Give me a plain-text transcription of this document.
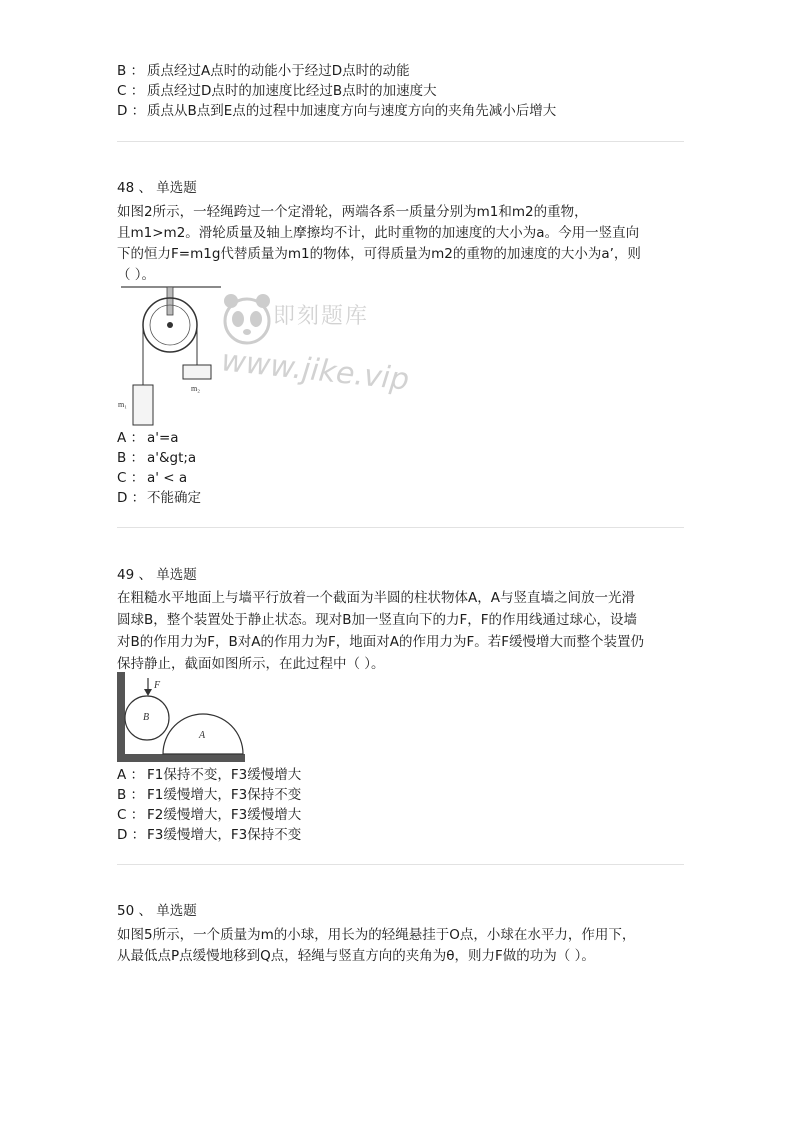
B ： 质点经过A点时的动能小于经过D点时的动能
C ： 质点经过D点时的加速度比经过B点时的加速度大
D ： 质点从B点到E点的过程中加速度方向与速度方向的夹角先减小后增大
48 、 单选题
如图2所示，一轻绳跨过一个定滑轮，两端各系一质量分别为m1和m2的重物，
且m1>m2。滑轮质量及轴上摩擦均不计，此时重物的加速度的大小为a。今用一竖直向
下的恒力F=m1g代替质量为m1的物体，可得质量为m2的重物的加速度的大小为a’，则
（ ）。
m₁
m₂
即刻题库
www.jike.vip
A ： a'=a
B ： a'&gt;a
C ： a' < a
D ： 不能确定
49 、 单选题
在粗糙水平地面上与墙平行放着一个截面为半圆的柱状物体A，A与竖直墙之间放一光滑
圆球B，整个装置处于静止状态。现对B加一竖直向下的力F，F的作用线通过球心，设墙
对B的作用力为F，B对A的作用力为F，地面对A的作用力为F。若F缓慢增大而整个装置仍
保持静止，截面如图所示，在此过程中（ ）。
F
B
A
A ： F1保持不变，F3缓慢增大
B ： F1缓慢增大，F3保持不变
C ： F2缓慢增大，F3缓慢增大
D ： F3缓慢增大，F3保持不变
50 、 单选题
如图5所示，一个质量为m的小球，用长为的轻绳悬挂于O点，小球在水平力，作用下，
从最低点P点缓慢地移到Q点，轻绳与竖直方向的夹角为θ，则力F做的功为（ ）。
